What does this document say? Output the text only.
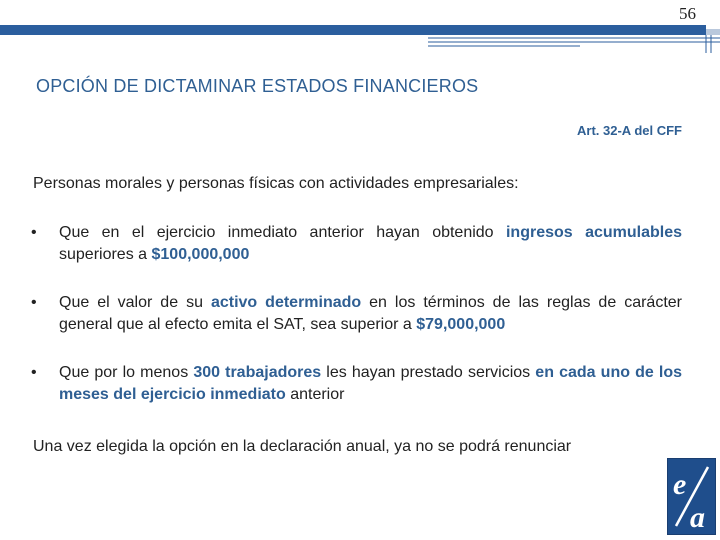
56
OPCIÓN DE DICTAMINAR ESTADOS FINANCIEROS
Art. 32-A del CFF
Personas morales y personas físicas con actividades empresariales:
• Que en el ejercicio inmediato anterior hayan obtenido ingresos acumulables superiores a $100,000,000
• Que el valor de su activo determinado en los términos de las reglas de carácter general que al efecto emita el SAT, sea superior a $79,000,000
• Que por lo menos 300 trabajadores les hayan prestado servicios en cada uno de los meses del ejercicio inmediato anterior
Una vez elegida la opción en la declaración anual, ya no se podrá renunciar
e
a
